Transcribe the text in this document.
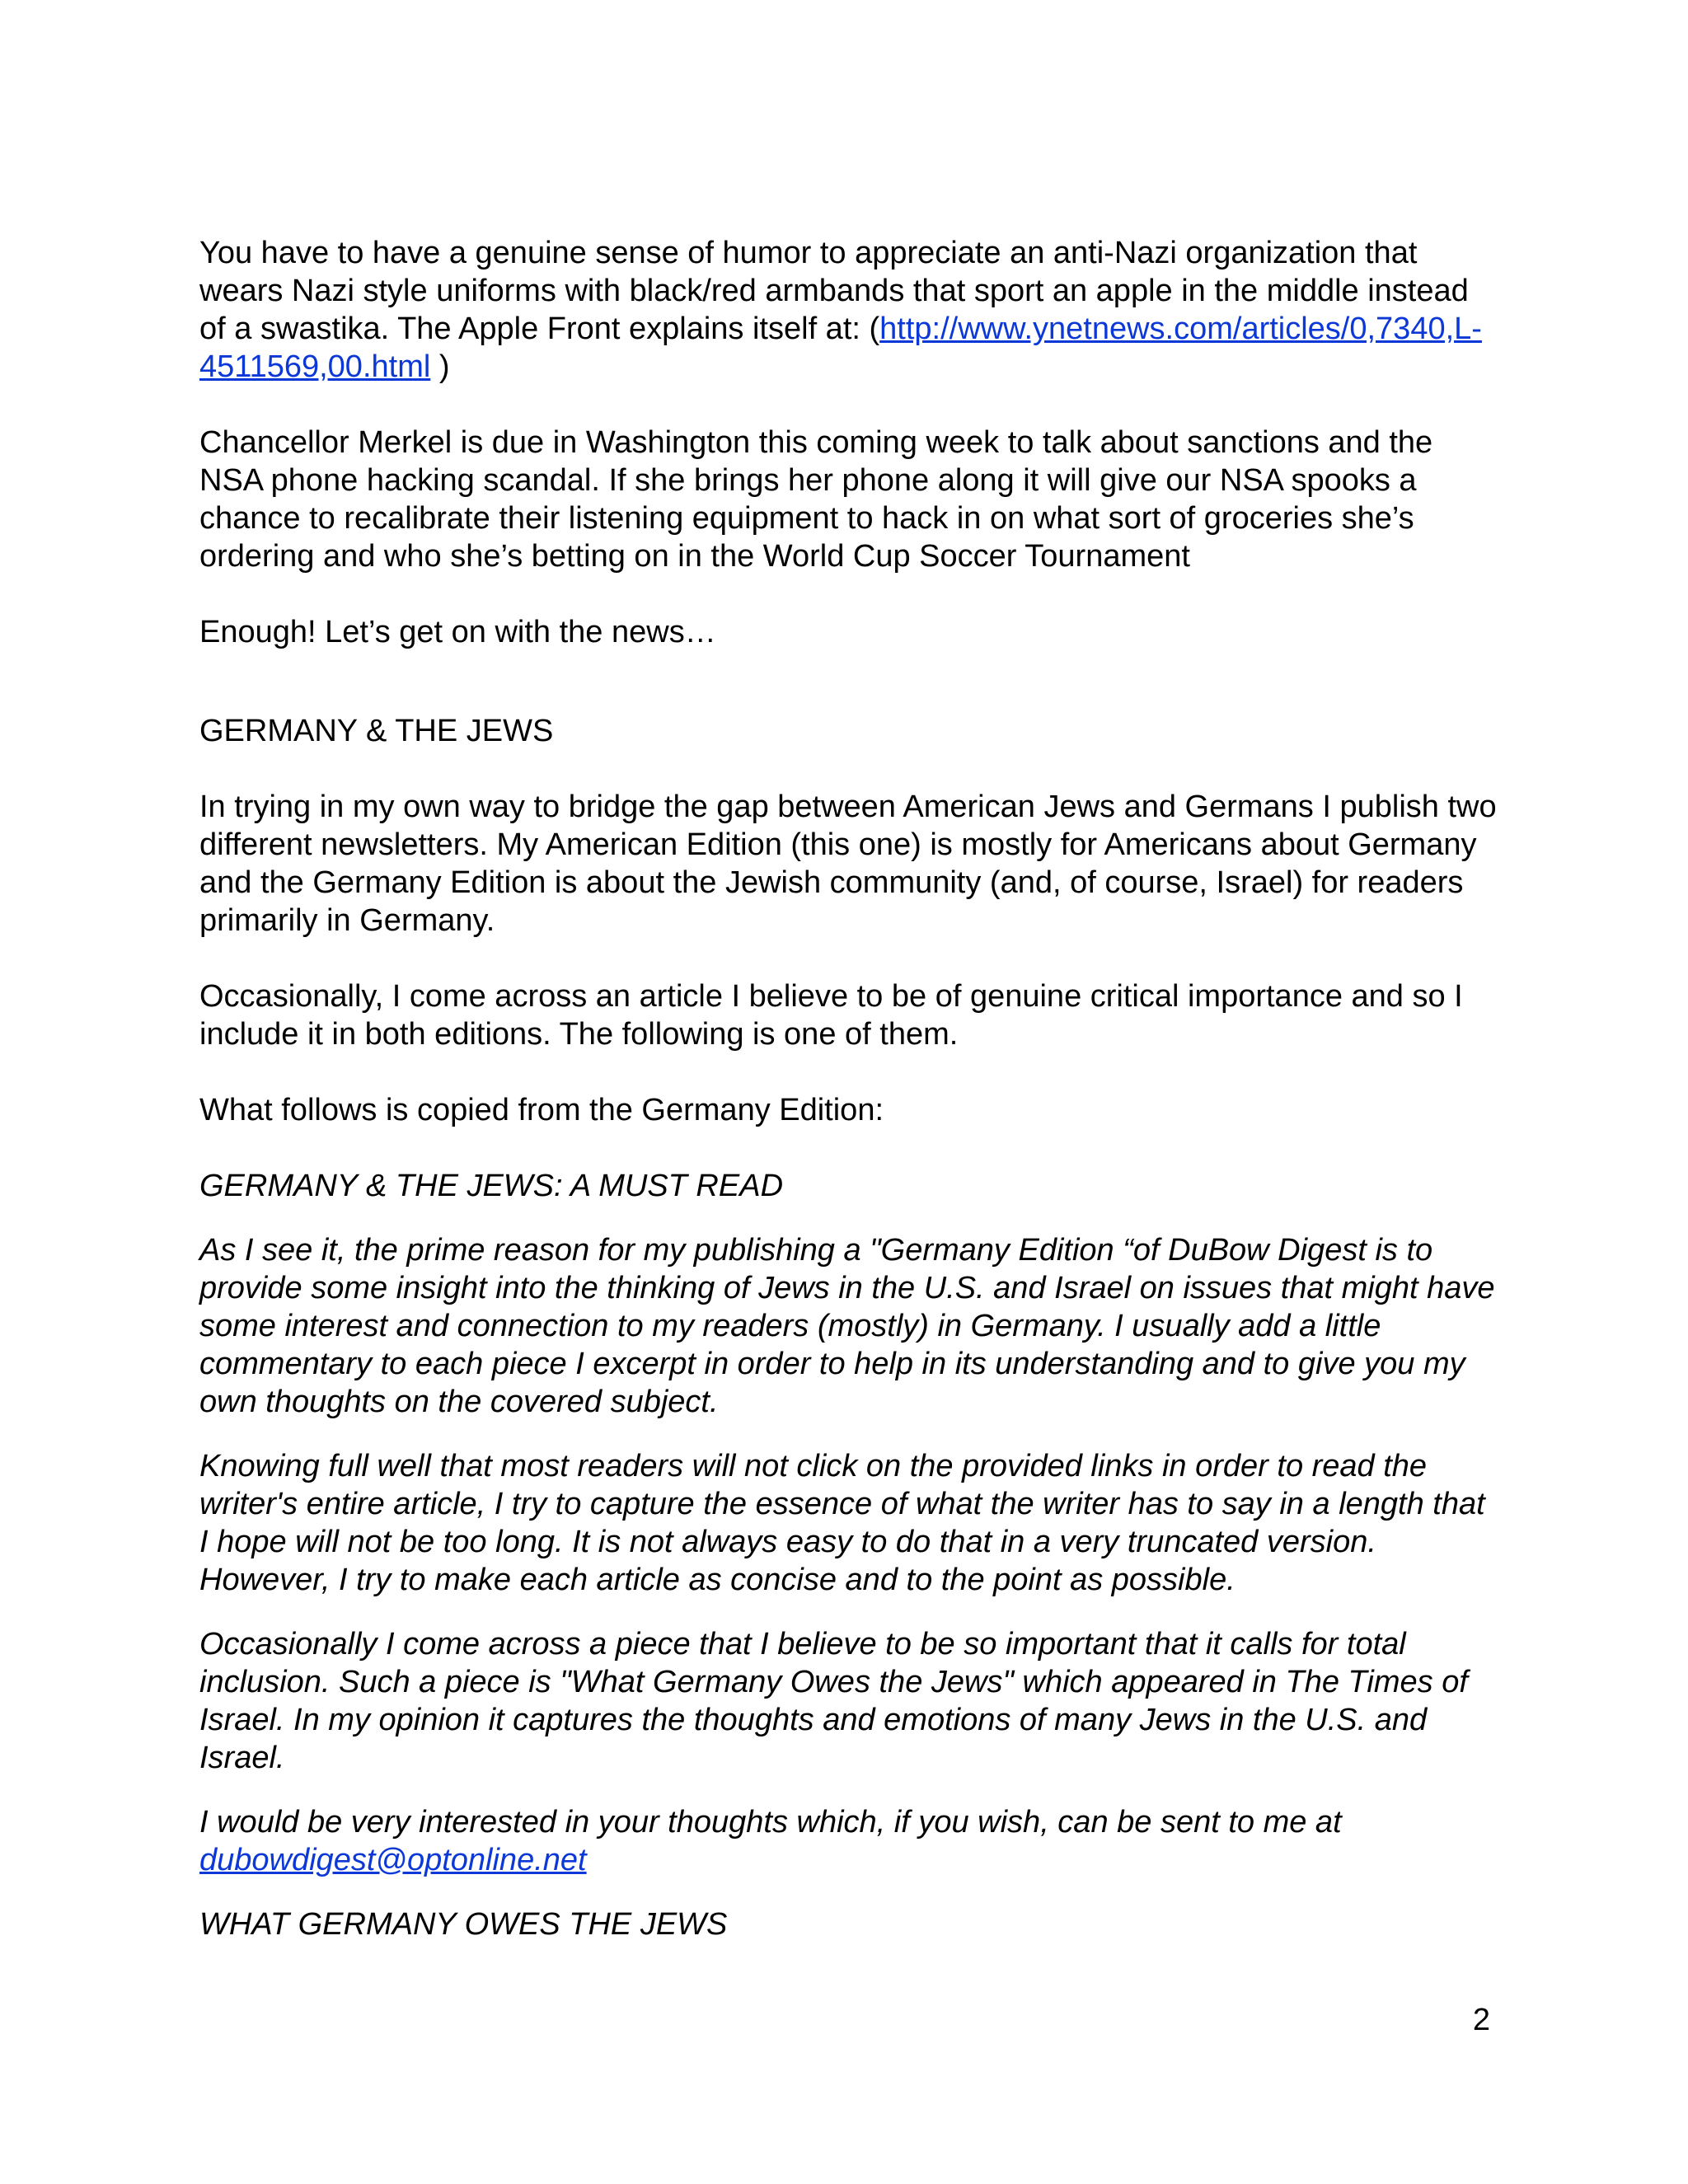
You have to have a genuine sense of humor to appreciate an anti-Nazi organization that wears Nazi style uniforms with black/red armbands that sport an apple in the middle instead of a swastika. The Apple Front explains itself at: (http://www.ynetnews.com/articles/0,7340,L-4511569,00.html )

Chancellor Merkel is due in Washington this coming week to talk about sanctions and the NSA phone hacking scandal. If she brings her phone along it will give our NSA spooks a chance to recalibrate their listening equipment to hack in on what sort of groceries she’s ordering and who she’s betting on in the World Cup Soccer Tournament

Enough! Let’s get on with the news…

GERMANY & THE JEWS

In trying in my own way to bridge the gap between American Jews and Germans I publish two different newsletters. My American Edition (this one) is mostly for Americans about Germany and the Germany Edition is about the Jewish community (and, of course, Israel) for readers primarily in Germany.

Occasionally, I come across an article I believe to be of genuine critical importance and so I include it in both editions. The following is one of them.

What follows is copied from the Germany Edition:

GERMANY & THE JEWS: A MUST READ

As I see it, the prime reason for my publishing a "Germany Edition “of DuBow Digest is to provide some insight into the thinking of Jews in the U.S. and Israel on issues that might have some interest and connection to my readers (mostly) in Germany. I usually add a little commentary to each piece I excerpt in order to help in its understanding and to give you my own thoughts on the covered subject.

Knowing full well that most readers will not click on the provided links in order to read the writer's entire article, I try to capture the essence of what the writer has to say in a length that I hope will not be too long. It is not always easy to do that in a very truncated version. However, I try to make each article as concise and to the point as possible.

Occasionally I come across a piece that I believe to be so important that it calls for total inclusion. Such a piece is "What Germany Owes the Jews" which appeared in The Times of Israel. In my opinion it captures the thoughts and emotions of many Jews in the U.S. and Israel.

I would be very interested in your thoughts which, if you wish, can be sent to me at dubowdigest@optonline.net

WHAT GERMANY OWES THE JEWS

2
